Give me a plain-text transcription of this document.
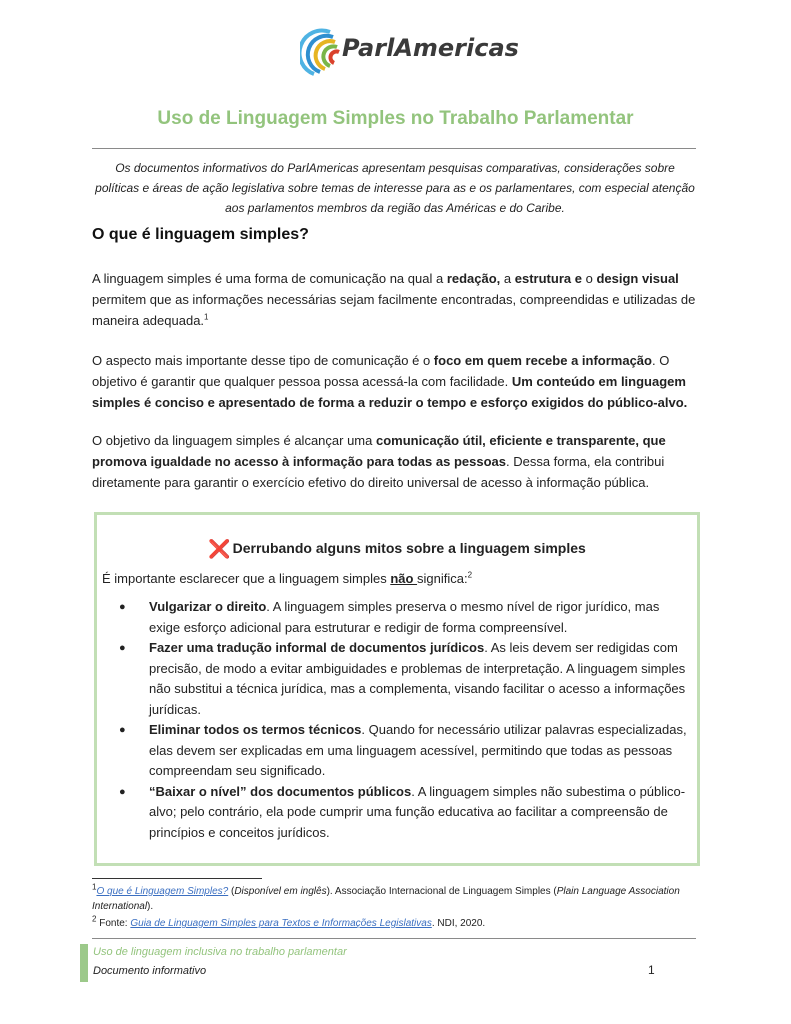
ParlAmericas
Uso de Linguagem Simples no Trabalho Parlamentar
Os documentos informativos do ParlAmericas apresentam pesquisas comparativas, considerações sobre políticas e áreas de ação legislativa sobre temas de interesse para as e os parlamentares, com especial atenção aos parlamentos membros da região das Américas e do Caribe.
O que é linguagem simples?

A linguagem simples é uma forma de comunicação na qual a redação, a estrutura e o design visual permitem que as informações necessárias sejam facilmente encontradas, compreendidas e utilizadas de maneira adequada.$^1$

O aspecto mais importante desse tipo de comunicação é o foco em quem recebe a informação. O objetivo é garantir que qualquer pessoa possa acessá-la com facilidade. Um conteúdo em linguagem simples é conciso e apresentado de forma a reduzir o tempo e esforço exigidos do público-alvo.

O objetivo da linguagem simples é alcançar uma comunicação útil, eficiente e transparente, que promova igualdade no acesso à informação para todas as pessoas. Dessa forma, ela contribui diretamente para garantir o exercício efetivo do direito universal de acesso à informação pública.

❌ Derrubando alguns mitos sobre a linguagem simples
É importante esclarecer que a linguagem simples não significa:$^2$
● Vulgarizar o direito. A linguagem simples preserva o mesmo nível de rigor jurídico, mas exige esforço adicional para estruturar e redigir de forma compreensível.
● Fazer uma tradução informal de documentos jurídicos. As leis devem ser redigidas com precisão, de modo a evitar ambiguidades e problemas de interpretação. A linguagem simples não substitui a técnica jurídica, mas a complementa, visando facilitar o acesso a informações jurídicas.
● Eliminar todos os termos técnicos. Quando for necessário utilizar palavras especializadas, elas devem ser explicadas em uma linguagem acessível, permitindo que todas as pessoas compreendam seu significado.
● “Baixar o nível” dos documentos públicos. A linguagem simples não subestima o público-alvo; pelo contrário, ela pode cumprir uma função educativa ao facilitar a compreensão de princípios e conceitos jurídicos.
$^1$O que é Linguagem Simples? (Disponível em inglês). Associação Internacional de Linguagem Simples (Plain Language Association International).
$^2$ Fonte: Guia de Linguagem Simples para Textos e Informações Legislativas. NDI, 2020.
Uso de linguagem inclusiva no trabalho parlamentar
Documento informativo	1
